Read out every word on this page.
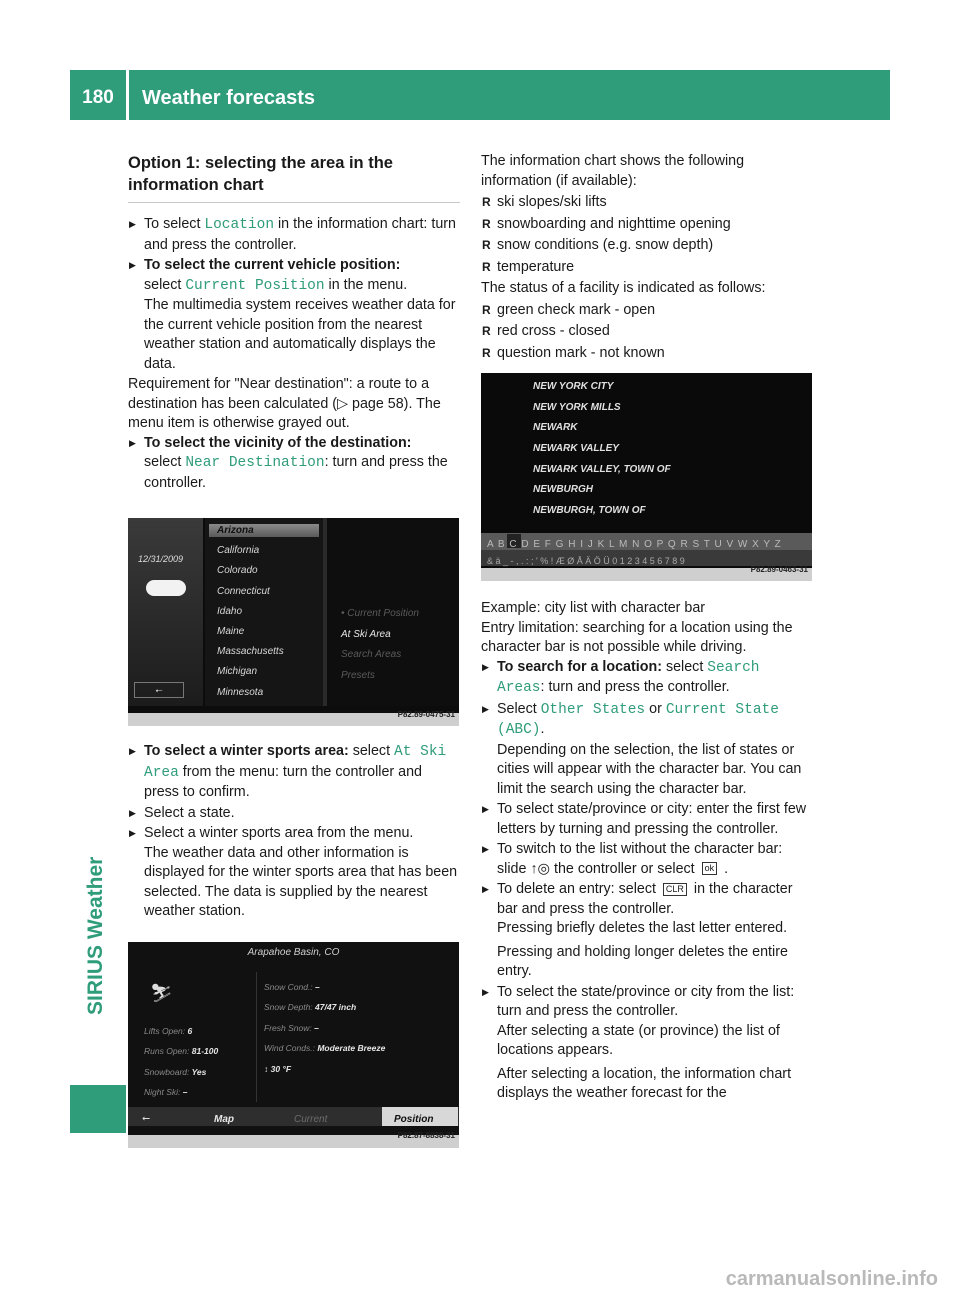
180	Weather forecasts
SIRIUS Weather
Option 1: selecting the area in the information chart
▶ To select Location in the information chart: turn and press the controller.
▶ To select the current vehicle position:
select Current Position in the menu.
The multimedia system receives weather data for the current vehicle position from the nearest weather station and automatically displays the data.

Requirement for "Near destination": a route to a destination has been calculated (▷ page 58). The menu item is otherwise grayed out.

▶ To select the vicinity of the destination:
select Near Destination: turn and press the controller.
12/31/2009
⭠
Arizona
California
Colorado
Connecticut
Idaho
Maine
Massachusetts
Michigan
Minnesota
• Current Position
At Ski Area
Search Areas
Presets
P82.89-0475-31
▶ To select a winter sports area: select At Ski Area from the menu: turn the controller and press to confirm.
▶ Select a state.
▶ Select a winter sports area from the menu.
The weather data and other information is displayed for the winter sports area that has been selected. The data is supplied by the nearest weather station.
Arapahoe Basin, CO
⛷
Lifts Open: 6
Runs Open: 81-100
Snowboard: Yes
Night Ski: –
Snow Cond.: –
Snow Depth: 47/47 inch
Fresh Snow: –
Wind Conds.: Moderate Breeze
↕ 30 °F
⭠	Map	Current	Position
P82.87-8838-31

The information chart shows the following information (if available):

R ski slopes/ski lifts
R snowboarding and nighttime opening
R snow conditions (e.g. snow depth)
R temperature

The status of a facility is indicated as follows:

R green check mark - open
R red cross - closed
R question mark - not known
NEW YORK CITY
NEW YORK MILLS
NEWARK
NEWARK VALLEY
NEWARK VALLEY, TOWN OF
NEWBURGH
NEWBURGH, TOWN OF
A B C D E F G H I J K L M N O P Q R S T U V W X Y Z
& ä _ - , . : ; ' % ! Æ Ø Å Ä Ö Ü 0 1 2 3 4 5 6 7 8 9
P82.89-0463-31

Example: city list with character bar

Entry limitation: searching for a location using the character bar is not possible while driving.

▶ To search for a location: select Search Areas: turn and press the controller.
▶ Select Other States or Current State (ABC).
Depending on the selection, the list of states or cities will appear with the character bar. You can limit the search using the character bar.
▶ To select state/province or city: enter the first few letters by turning and pressing the controller.
▶ To switch to the list without the character bar: slide ↑◎ the controller or select ok .
▶ To delete an entry: select CLR in the character bar and press the controller.
Pressing briefly deletes the last letter entered.
Pressing and holding longer deletes the entire entry.
▶ To select the state/province or city from the list: turn and press the controller.
After selecting a state (or province) the list of locations appears.
After selecting a location, the information chart displays the weather forecast for the
carmanualsonline.info
